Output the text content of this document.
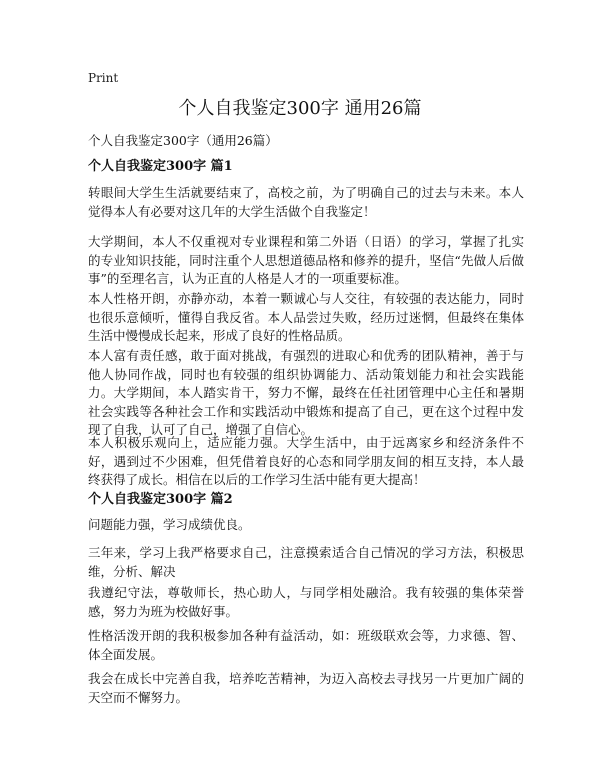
Print
个人自我鉴定300字 通用26篇
个人自我鉴定300字（通用26篇）
个人自我鉴定300字 篇1

转眼间大学生生活就要结束了，高校之前，为了明确自己的过去与未来。本人觉得本人有必要对这几年的大学生活做个自我鉴定！

大学期间，本人不仅重视对专业课程和第二外语（日语）的学习，掌握了扎实的专业知识技能，同时注重个人思想道德品格和修养的提升，坚信“先做人后做事”的至理名言，认为正直的人格是人才的一项重要标准。

本人性格开朗，亦静亦动，本着一颗诚心与人交往，有较强的表达能力，同时也很乐意倾听，懂得自我反省。本人品尝过失败，经历过迷惘，但最终在集体生活中慢慢成长起来，形成了良好的性格品质。

本人富有责任感，敢于面对挑战，有强烈的进取心和优秀的团队精神，善于与他人协同作战，同时也有较强的组织协调能力、活动策划能力和社会实践能力。大学期间，本人踏实肯干，努力不懈，最终在任社团管理中心主任和暑期社会实践等各种社会工作和实践活动中锻炼和提高了自己，更在这个过程中发现了自我，认可了自己，增强了自信心。

本人积极乐观向上，适应能力强。大学生活中，由于远离家乡和经济条件不好，遇到过不少困难，但凭借着良好的心态和同学朋友间的相互支持，本人最终获得了成长。相信在以后的工作学习生活中能有更大提高！

个人自我鉴定300字 篇2

问题能力强，学习成绩优良。

三年来，学习上我严格要求自己，注意摸索适合自己情况的学习方法，积极思维，分析、解决

我遵纪守法，尊敬师长，热心助人，与同学相处融洽。我有较强的集体荣誉感，努力为班为校做好事。

性格活泼开朗的我积极参加各种有益活动，如：班级联欢会等，力求德、智、体全面发展。

我会在成长中完善自我，培养吃苦精神，为迈入高校去寻找另一片更加广阔的天空而不懈努力。
